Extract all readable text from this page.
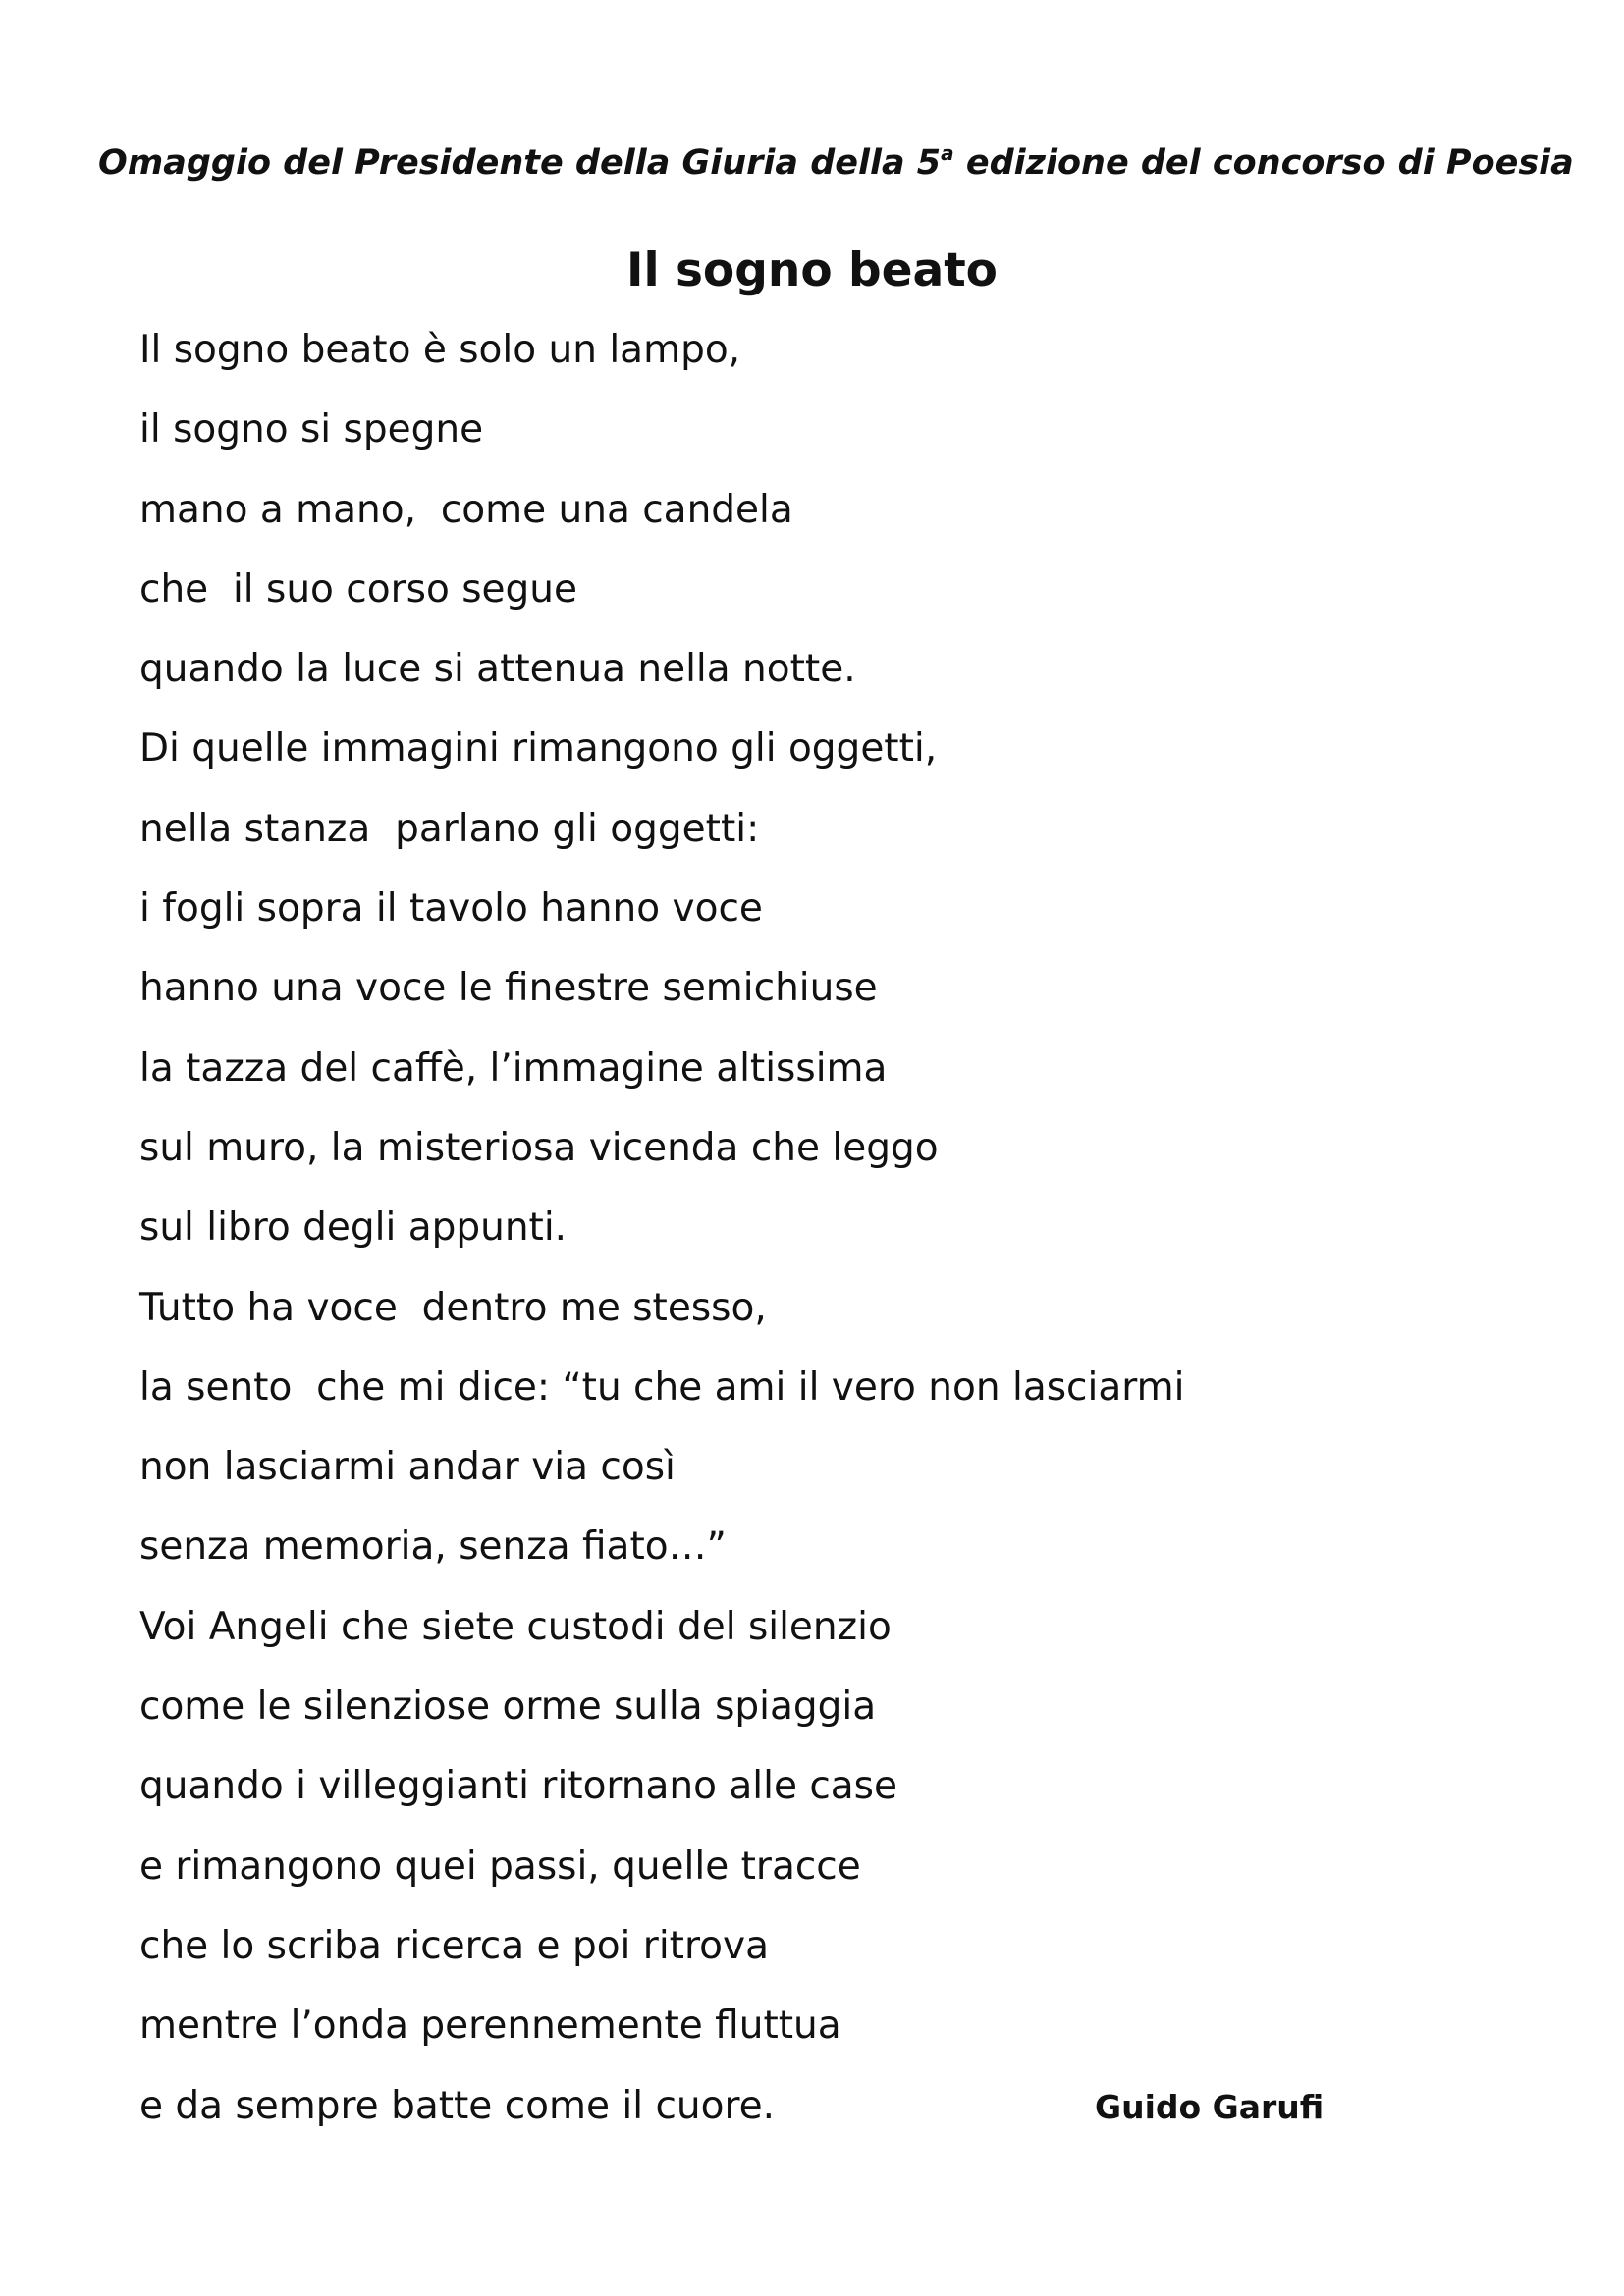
Omaggio del Presidente della Giuria della 5$^a$ edizione del concorso di Poesia
Il sogno beato
Il sogno beato è solo un lampo,
il sogno si spegne
mano a mano,  come una candela
che  il suo corso segue
quando la luce si attenua nella notte.
Di quelle immagini rimangono gli oggetti,
nella stanza  parlano gli oggetti:
i fogli sopra il tavolo hanno voce
hanno una voce le finestre semichiuse
la tazza del caffè, l’immagine altissima
sul muro, la misteriosa vicenda che leggo
sul libro degli appunti.
Tutto ha voce  dentro me stesso,
la sento  che mi dice: “tu che ami il vero non lasciarmi
non lasciarmi andar via così
senza memoria, senza fiato…”
Voi Angeli che siete custodi del silenzio
come le silenziose orme sulla spiaggia
quando i villeggianti ritornano alle case
e rimangono quei passi, quelle tracce
che lo scriba ricerca e poi ritrova
mentre l’onda perennemente fluttua
e da sempre batte come il cuore.	Guido Garufi
